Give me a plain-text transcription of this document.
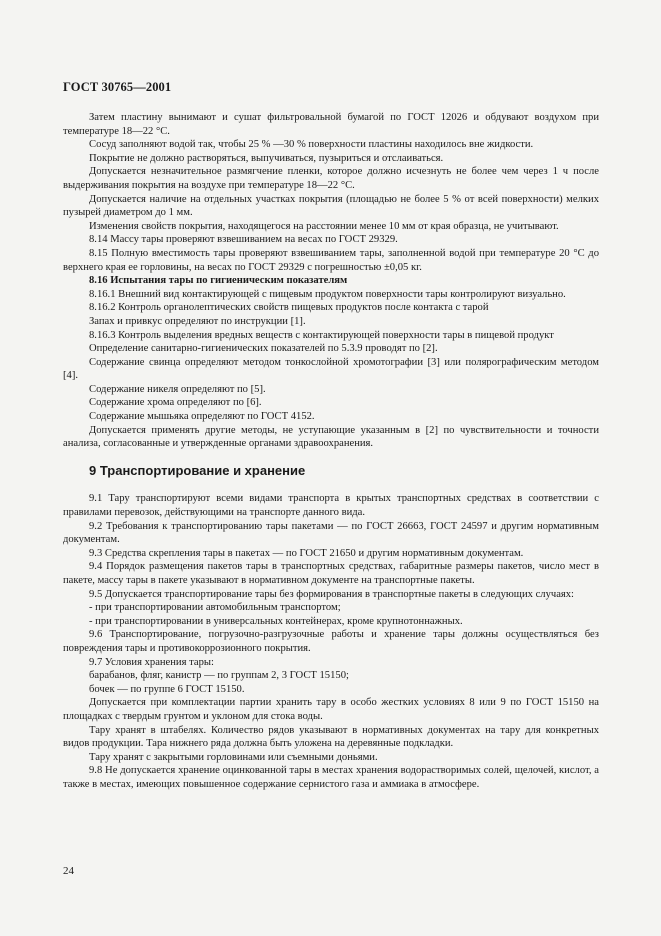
ГОСТ 30765—2001

Затем пластину вынимают и сушат фильтровальной бумагой по ГОСТ 12026 и обдувают воздухом при температуре 18—22 °С.

Сосуд заполняют водой так, чтобы 25 % —30 % поверхности пластины находилось вне жидкости.

Покрытие не должно растворяться, выпучиваться, пузыриться и отслаиваться.

Допускается незначительное размягчение пленки, которое должно исчезнуть не более чем через 1 ч после выдерживания покрытия на воздухе при температуре 18—22 °С.

Допускается наличие на отдельных участках покрытия (площадью не более 5 % от всей поверхности) мелких пузырей диаметром до 1 мм.

Изменения свойств покрытия, находящегося на расстоянии менее 10 мм от края образца, не учитывают.

8.14 Массу тары проверяют взвешиванием на весах по ГОСТ 29329.

8.15 Полную вместимость тары проверяют взвешиванием тары, заполненной водой при температуре 20 °С до верхнего края ее горловины, на весах по ГОСТ 29329 с погрешностью ±0,05 кг.

8.16 Испытания тары по гигиеническим показателям

8.16.1 Внешний вид контактирующей с пищевым продуктом поверхности тары контролируют визуально.

8.16.2 Контроль органолептических свойств пищевых продуктов после контакта с тарой

Запах и привкус определяют по инструкции [1].

8.16.3 Контроль выделения вредных веществ с контактирующей поверхности тары в пищевой продукт

Определение санитарно-гигиенических показателей по 5.3.9 проводят по [2].

Содержание свинца определяют методом тонкослойной хромотографии [3] или полярографическим методом [4].

Содержание никеля определяют по [5].

Содержание хрома определяют по [6].

Содержание мышьяка определяют по ГОСТ 4152.

Допускается применять другие методы, не уступающие указанным в [2] по чувствительности и точности анализа, согласованные и утвержденные органами здравоохранения.

9 Транспортирование и хранение

9.1 Тару транспортируют всеми видами транспорта в крытых транспортных средствах в соответствии с правилами перевозок, действующими на транспорте данного вида.

9.2 Требования к транспортированию тары пакетами — по ГОСТ 26663, ГОСТ 24597 и другим нормативным документам.

9.3 Средства скрепления тары в пакетах — по ГОСТ 21650 и другим нормативным документам.

9.4 Порядок размещения пакетов тары в транспортных средствах, габаритные размеры пакетов, число мест в пакете, массу тары в пакете указывают в нормативном документе на транспортные пакеты.

9.5 Допускается транспортирование тары без формирования в транспортные пакеты в следующих случаях:

- при транспортировании автомобильным транспортом;

- при транспортировании в универсальных контейнерах, кроме крупнотоннажных.

9.6 Транспортирование, погрузочно-разгрузочные работы и хранение тары должны осуществляться без повреждения тары и противокоррозионного покрытия.

9.7 Условия хранения тары:

барабанов, фляг, канистр — по группам 2, 3 ГОСТ 15150;

бочек — по группе 6 ГОСТ 15150.

Допускается при комплектации партии хранить тару в особо жестких условиях 8 или 9 по ГОСТ 15150 на площадках с твердым грунтом и уклоном для стока воды.

Тару хранят в штабелях. Количество рядов указывают в нормативных документах на тару для конкретных видов продукции. Тара нижнего ряда должна быть уложена на деревянные подкладки.

Тару хранят с закрытыми горловинами или съемными доньями.

9.8 Не допускается хранение оцинкованной тары в местах хранения водорастворимых солей, щелочей, кислот, а также в местах, имеющих повышенное содержание сернистого газа и аммиака в атмосфере.

24
